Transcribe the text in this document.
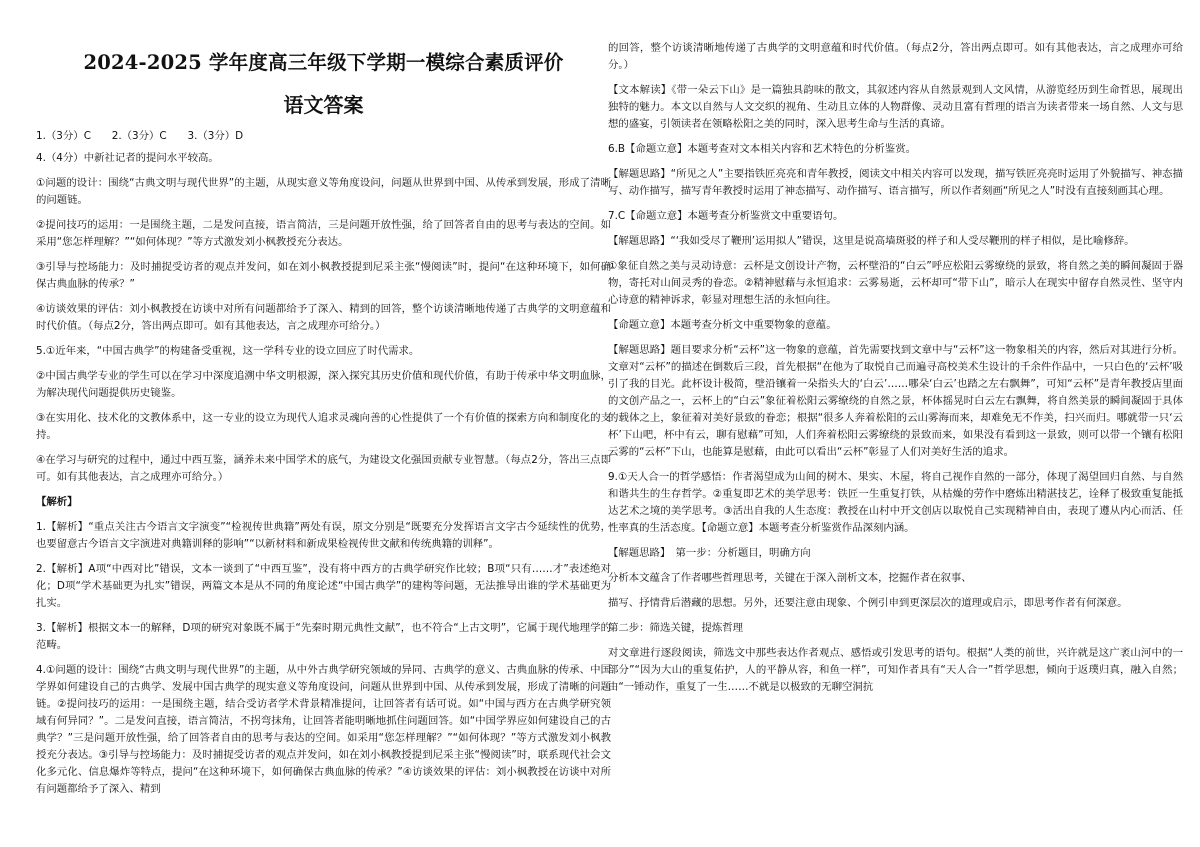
2024-2025 学年度高三年级下学期一模综合素质评价
语文答案

1.（3分）C　　2.（3分）C　　3.（3分）D

4.（4分）中新社记者的提问水平较高。

①问题的设计：围绕“古典文明与现代世界”的主题，从现实意义等角度设问，问题从世界到中国、从传承到发展，形成了清晰的问题链。

②提问技巧的运用：一是围绕主题，二是发问直接，语言简洁，三是问题开放性强，给了回答者自由的思考与表达的空间。如采用“您怎样理解？”“如何体现？”等方式激发刘小枫教授充分表达。

③引导与控场能力：及时捕捉受访者的观点并发问，如在刘小枫教授提到尼采主张“慢阅读”时，提问“在这种环境下，如何确保古典血脉的传承？”

④访谈效果的评估：刘小枫教授在访谈中对所有问题都给予了深入、精到的回答，整个访谈清晰地传递了古典学的文明意蕴和时代价值。（每点2分，答出两点即可。如有其他表达，言之成理亦可给分。）

5.①近年来，“中国古典学”的构建备受重视，这一学科专业的设立回应了时代需求。

②中国古典学专业的学生可以在学习中深度追溯中华文明根源，深入探究其历史价值和现代价值，有助于传承中华文明血脉，为解决现代问题提供历史镜鉴。

③在实用化、技术化的文教体系中，这一专业的设立为现代人追求灵魂向善的心性提供了一个有价值的探索方向和制度化的支持。

④在学习与研究的过程中，通过中西互鉴，涵养未来中国学术的底气，为建设文化强国贡献专业智慧。（每点2分，答出三点即可。如有其他表达，言之成理亦可给分。）

【解析】

1.【解析】“重点关注古今语言文字演变”“检视传世典籍”两处有误，原文分别是“既要充分发挥语言文字古今延续性的优势，也要留意古今语言文字演进对典籍训释的影响”“以新材料和新成果检视传世文献和传统典籍的训释”。

2.【解析】A项“中西对比”错误，文本一谈到了“中西互鉴”，没有将中西方的古典学研究作比较；B项“只有……才”表述绝对化；D项“学术基础更为扎实”错误，两篇文本是从不同的角度论述“中国古典学”的建构等问题，无法推导出谁的学术基础更为扎实。

3.【解析】根据文本一的解释，D项的研究对象既不属于“先秦时期元典性文献”，也不符合“上古文明”，它属于现代地理学的范畴。

4.①问题的设计：围绕“古典文明与现代世界”的主题，从中外古典学研究领域的异同、古典学的意义、古典血脉的传承、中国学界如何建设自己的古典学、发展中国古典学的现实意义等角度设问，问题从世界到中国、从传承到发展，形成了清晰的问题链。②提问技巧的运用：一是围绕主题，结合受访者学术背景精准提问，让回答者有话可说。如“中国与西方在古典学研究领域有何异同？”。二是发问直接，语言简洁，不拐弯抹角，让回答者能明晰地抓住问题回答。如“中国学界应如何建设自己的古典学？”三是问题开放性强，给了回答者自由的思考与表达的空间。如采用“您怎样理解？”“如何体现？”等方式激发刘小枫教授充分表达。③引导与控场能力：及时捕捉受访者的观点并发问，如在刘小枫教授提到尼采主张“慢阅读”时，联系现代社会文化多元化、信息爆炸等特点，提问“在这种环境下，如何确保古典血脉的传承？”④访谈效果的评估：刘小枫教授在访谈中对所有问题都给予了深入、精到

的回答，整个访谈清晰地传递了古典学的文明意蕴和时代价值。（每点2分，答出两点即可。如有其他表达，言之成理亦可给分。）

【文本解读】《带一朵云下山》是一篇独具韵味的散文，其叙述内容从自然景观到人文风情，从游览经历到生命哲思，展现出独特的魅力。本文以自然与人文交织的视角、生动且立体的人物群像、灵动且富有哲理的语言为读者带来一场自然、人文与思想的盛宴，引领读者在领略松阳之美的同时，深入思考生命与生活的真谛。

6.B【命题立意】本题考查对文本相关内容和艺术特色的分析鉴赏。

【解题思路】“所见之人”主要指铁匠亮亮和青年教授，阅读文中相关内容可以发现，描写铁匠亮亮时运用了外貌描写、神态描写、动作描写，描写青年教授时运用了神态描写、动作描写、语言描写，所以作者刻画“所见之人”时没有直接刻画其心理。

7.C【命题立意】本题考查分析鉴赏文中重要语句。

【解题思路】“‘我如受尽了鞭刑’运用拟人”错误，这里是说高墙斑驳的样子和人受尽鞭刑的样子相似，是比喻修辞。

①象征自然之美与灵动诗意：云杯是文创设计产物，云杯壁沿的“白云”呼应松阳云雾缭绕的景致，将自然之美的瞬间凝固于器物，寄托对山间灵秀的眷恋。②精神慰藉与永恒追求：云雾易逝，云杯却可“带下山”，暗示人在现实中留存自然灵性、坚守内心诗意的精神诉求，彰显对理想生活的永恒向往。

【命题立意】本题考查分析文中重要物象的意蕴。

【解题思路】题目要求分析“云杯”这一物象的意蕴，首先需要找到文章中与“云杯”这一物象相关的内容，然后对其进行分析。文章对“云杯”的描述在倒数后三段，首先根据“在他为了取悦自己而遍寻高校美术生设计的千余件作品中，一只白色的‘云杯’吸引了我的目光。此杯设计极简，壁沿镶着一朵指头大的‘白云’……哪朵‘白云’也踏之左右飘舞”，可知“云杯”是青年教授店里面的文创产品之一，云杯上的“白云”象征着松阳云雾缭绕的自然之景，杯体摇晃时白云左右飘舞，将自然美景的瞬间凝固于具体的载体之上，象征着对美好景致的眷恋；根据“很多人奔着松阳的云山雾海而来，却难免无不作美，扫兴而归。哪就带一只‘云杯’下山吧，杯中有云，聊有慰藉”可知，人们奔着松阳云雾缭绕的景致而来，如果没有看到这一景致，则可以带一个镶有松阳云雾的“云杯”下山，也能算是慰藉，由此可以看出“云杯”彰显了人们对美好生活的追求。

9.①天人合一的哲学感悟：作者渴望成为山间的树木、果实、木屋，将自己视作自然的一部分，体现了渴望回归自然、与自然和谐共生的生存哲学。②重复即艺术的美学思考：铁匠一生重复打铁，从枯燥的劳作中磨炼出精湛技艺，诠释了极致重复能抵达艺术之境的美学思考。③活出自我的人生态度：教授在山村中开文创店以取悦自己实现精神自由，表现了遵从内心而活、任性率真的生活态度。【命题立意】本题考查分析鉴赏作品深刻内涵。

【解题思路】　第一步：分析题目，明确方向

分析本文蕴含了作者哪些哲理思考，关键在于深入剖析文本，挖掘作者在叙事、

描写、抒情背后潜藏的思想。另外，还要注意由现象、个例引申到更深层次的道理或启示，即思考作者有何深意。

第二步：筛选关键，提炼哲理

对文章进行逐段阅读，筛选文中那些表达作者观点、感悟或引发思考的语句。根据“人类的前世，兴许就是这广袤山河中的一部分”“因为大山的重复佑护，人的平静从容，和鱼一样”，可知作者具有“天人合一”哲学思想，倾向于返璞归真，融入自然；由“一锤动作，重复了一生……不就是以极致的无聊空洞抗
